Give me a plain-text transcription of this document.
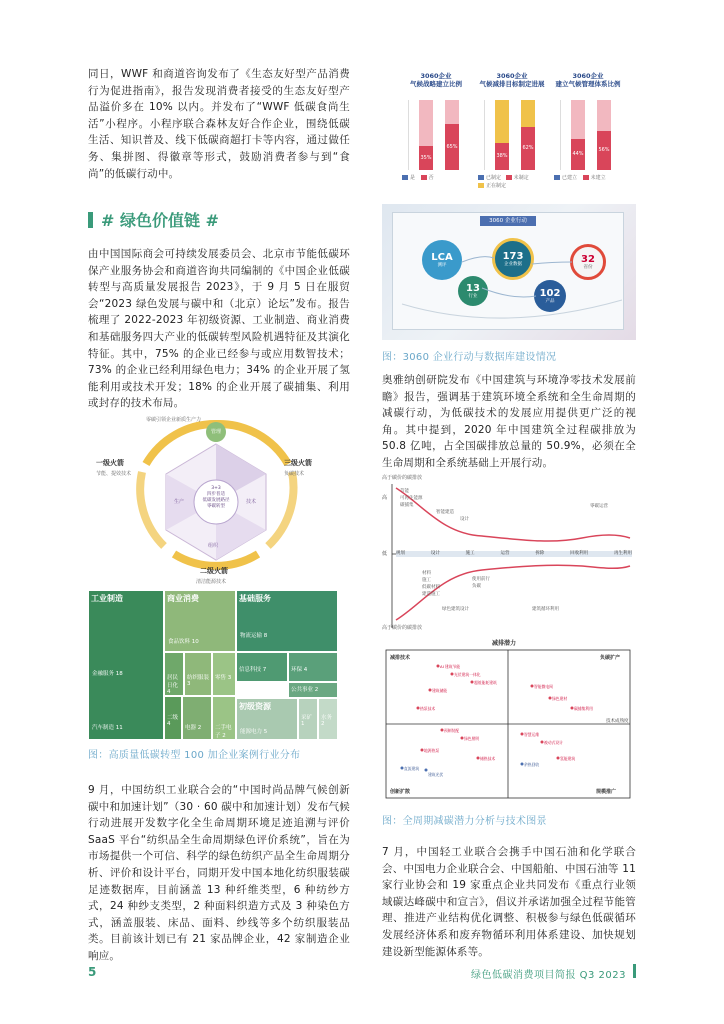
同日，WWF 和商道咨询发布了《生态友好型产品消费行为促进指南》，报告发现消费者接受的生态友好型产品溢价多在 10% 以内。并发布了“WWF 低碳食尚生活”小程序。小程序联合森林友好合作企业，围绕低碳生活、知识普及、线下低碳商超打卡等内容，通过做任务、集拼图、得徽章等形式，鼓励消费者参与到“食尚”的低碳行动中。

# 绿色价值链 #

由中国国际商会可持续发展委员会、北京市节能低碳环保产业服务协会和商道咨询共同编制的《中国企业低碳转型与高质量发展报告 2023》，于 9 月 5 日在服贸会“2023 绿色发展与碳中和（北京）论坛”发布。报告梳理了 2022-2023 年初级资源、工业制造、商业消费和基础服务四大产业的低碳转型风险机遇特征及其演化特征。其中，75% 的企业已经参与或应用数智技术；73% 的企业已经利用绿色电力；34% 的企业开展了氢能利用或技术开发；18% 的企业开展了碳捕集、利用或封存的技术布局。

3060企业
气候战略建立比例
35%
65%
是	否
3060企业
气候减排目标制定进展
38%
62%
已制定	未制定
正在制定
3060企业
建立气候管理体系比例
44%
56%
已建立	未建立
3060 企业行动
LCA
测评
173
企业数据
13
行业	102
产品
32
省份
图：3060 企业行动与数据库建设情况

奥雅纳创研院发布《中国建筑与环境净零技术发展前瞻》报告，强调基于建筑环境全系统和全生命周期的减碳行动，为低碳技术的发展应用提供更广泛的视角。其中提到，2020 年中国建筑全过程碳排放为 50.8 亿吨，占全国碳排放总量的 50.9%，必须在全生命周期和全系统基础上开展行动。

管理
零碳引领企业新质生产力
3+3
四步普适
低碳发展路径
零碳转型
生产	技术
组织
一级火箭
节能、提效技术
三级火箭
负碳技术
二级火箭
清洁能源技术
工业制造
金融服务 18
汽车制造 11
商业消费
食品饮料 10
居民日化 4
纺织服装 3
零售 3
二级 4
电器 2	二手电子 2
基础服务
物流运输 8
信息科技 7	环保 4
公共事业 2
初级资源
能源电力 5
采矿 1
水务 2
图：高质量低碳转型 100 加企业案例行业分布

9 月，中国纺织工业联合会的“中国时尚品牌气候创新碳中和加速计划”（30 · 60 碳中和加速计划）发布气候行动进展开发数字化全生命周期环境足迹追溯与评价 SaaS 平台“纺织品全生命周期绿色评价系统”，旨在为市场提供一个可信、科学的绿色纺织产品全生命周期分析、评价和设计平台，同期开发中国本地化纺织服装碳足迹数据库，目前涵盖 13 种纤维类型，6 种纺纱方式，24 种纱支类型，2 种面料织造方式及 3 种染色方式，涵盖服装、床品、面料、纱线等多个纺织服装品类。目前该计划已有 21 家品牌企业，42 家制造企业响应。

高于碳价的碳排放
高
低 规划	设计	施工	运营	拆除	回收利用	再生利用
节能
可再生能源
碳捕集
智能建造
设计
零碳运营
材料
施工
低碳材料
建造施工
使用前行
负碳
绿色建筑设计	建筑循环利用
高于碳价的碳排放
减排潜力
减排技术	负碳扩产
创新扩散	规模推广
技术成熟度
AI 建筑节能
光伏建筑一体化
超低能耗建筑
建筑储能
智能微电网
绿色建材
碳捕集利用
热泵技术
预制装配
绿色照明
智慧运维
被动式设计
地源热泵
储热技术	氢能建筑
直流建筑
建筑光伏
余热回收
图：全周期减碳潜力分析与技术图景

7 月，中国轻工业联合会携手中国石油和化学联合会、中国电力企业联合会、中国船舶、中国石油等 11 家行业协会和 19 家重点企业共同发布《重点行业领域碳达峰碳中和宣言》，倡议并承诺加强全过程节能管理、推进产业结构优化调整、积极参与绿色低碳循环发展经济体系和废弃物循环利用体系建设、加快规划建设新型能源体系等。

5	绿色低碳消费项目简报 Q3 2023
